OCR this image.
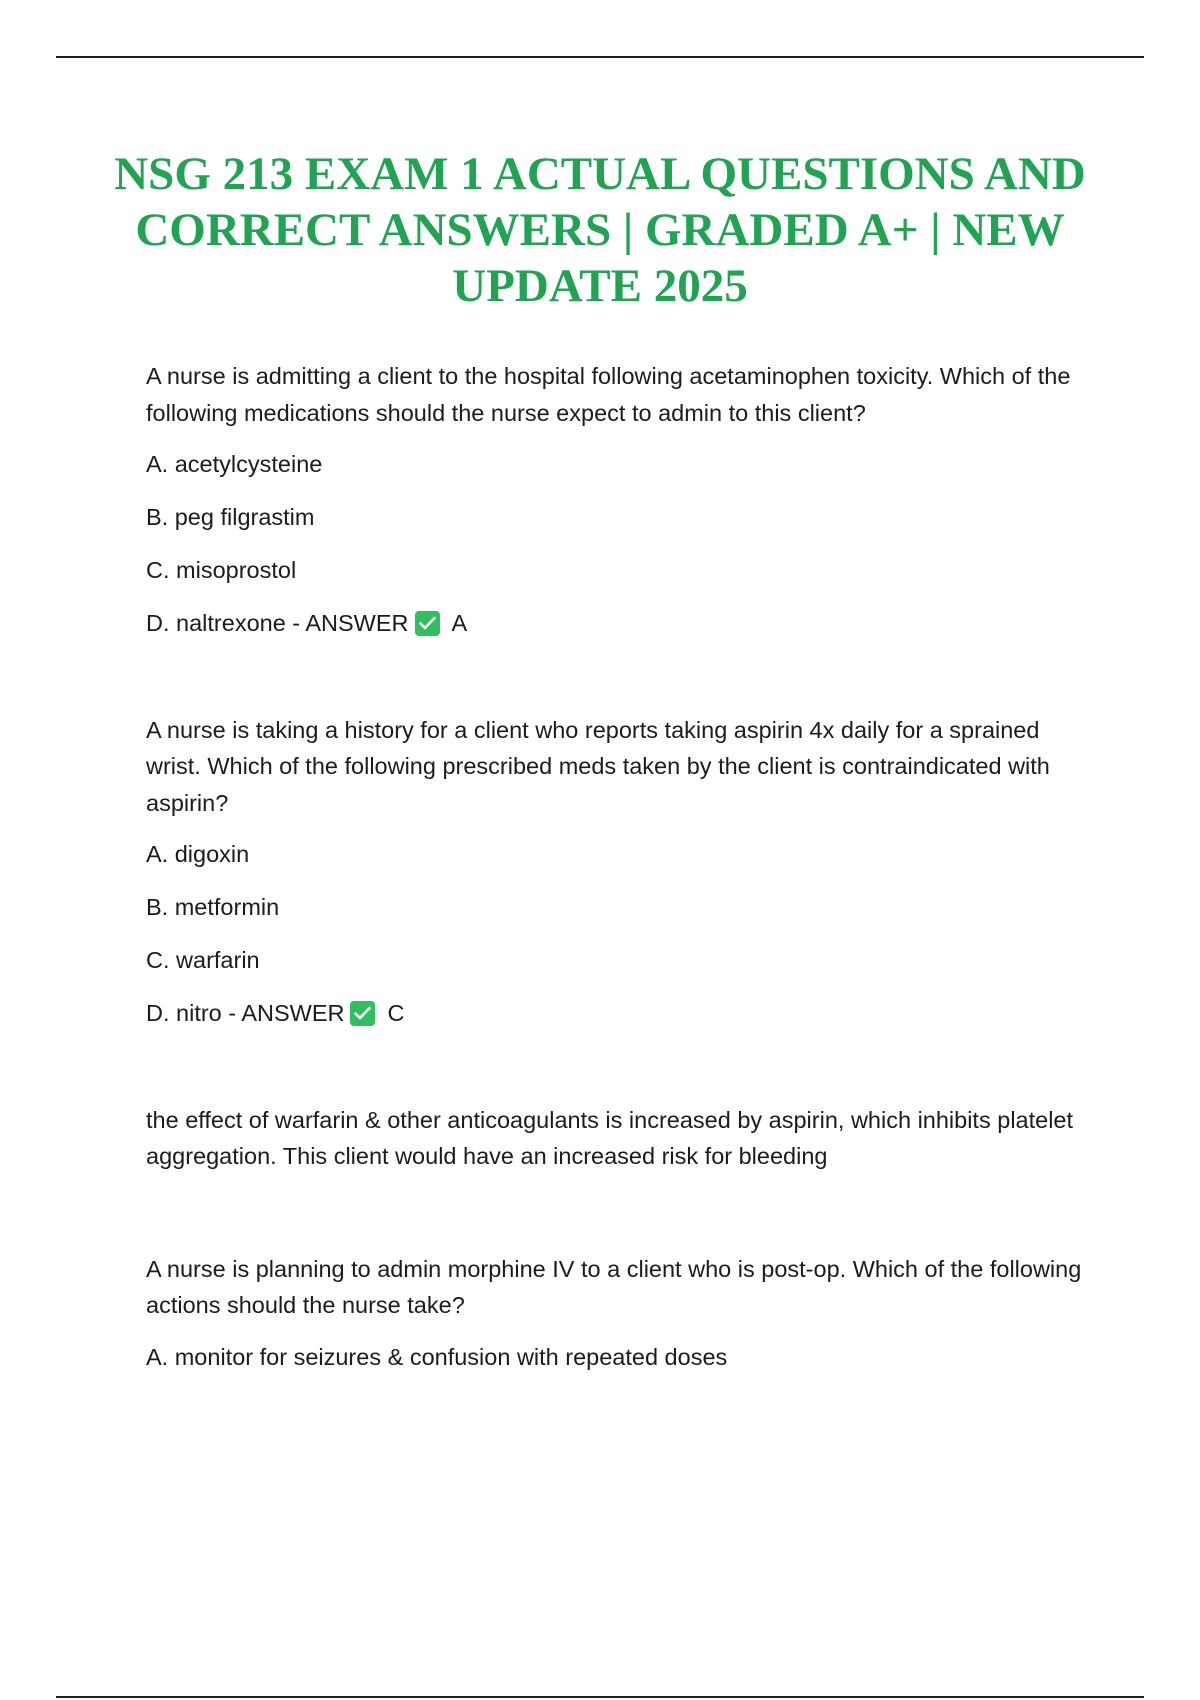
NSG 213 EXAM 1 ACTUAL QUESTIONS AND CORRECT ANSWERS | GRADED A+ | NEW UPDATE 2025

A nurse is admitting a client to the hospital following acetaminophen toxicity. Which of the following medications should the nurse expect to admin to this client?

A. acetylcysteine

B. peg filgrastim

C. misoprostol

D. naltrexone - ANSWER A

A nurse is taking a history for a client who reports taking aspirin 4x daily for a sprained wrist. Which of the following prescribed meds taken by the client is contraindicated with aspirin?

A. digoxin

B. metformin

C. warfarin

D. nitro - ANSWER C

the effect of warfarin & other anticoagulants is increased by aspirin, which inhibits platelet aggregation. This client would have an increased risk for bleeding

A nurse is planning to admin morphine IV to a client who is post-op. Which of the following actions should the nurse take?

A. monitor for seizures & confusion with repeated doses
